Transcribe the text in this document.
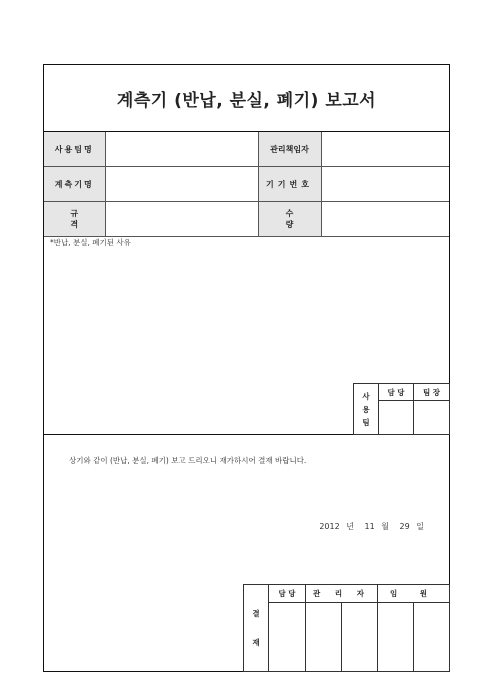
계측기 (반납, 분실, 폐기) 보고서
사용팀명		관리책임자	
계측기명		기기번호	
규격		수량	
*반납, 분실, 폐기된 사유
사
용
팀	담 당	팀 장

상기와 같이 (반납, 분실, 폐기) 보고 드리오니 재가하시어 결재 바랍니다.
2012 년 11 월 29 일
결
재	담 당	관 리 자		임 원	
